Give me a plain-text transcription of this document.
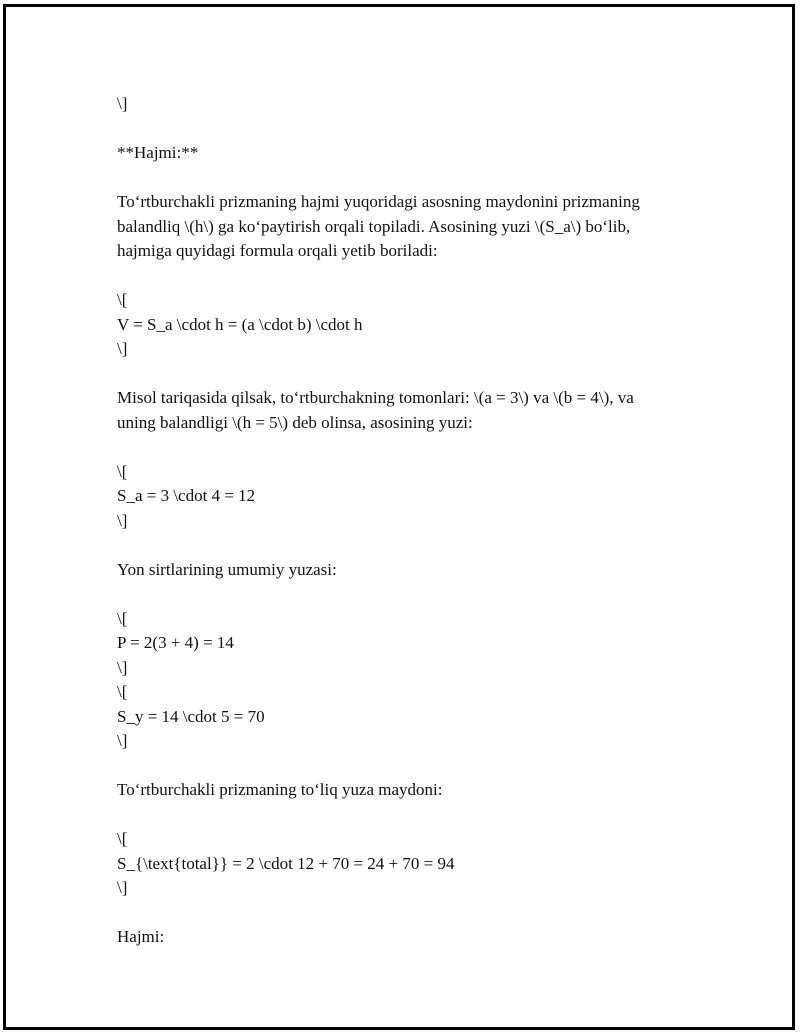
\]
**Hajmi:**
To‘rtburchakli prizmaning hajmi yuqoridagi asosning maydonini prizmaning
balandliq \(h\) ga ko‘paytirish orqali topiladi. Asosining yuzi \(S_a\) bo‘lib,
hajmiga quyidagi formula orqali yetib boriladi:
\[
V = S_a \cdot h = (a \cdot b) \cdot h
\]
Misol tariqasida qilsak, to‘rtburchakning tomonlari: \(a = 3\) va \(b = 4\), va
uning balandligi \(h = 5\) deb olinsa, asosining yuzi:
\[
S_a = 3 \cdot 4 = 12
\]
Yon sirtlarining umumiy yuzasi:
\[
P = 2(3 + 4) = 14
\]
\[
S_y = 14 \cdot 5 = 70
\]
To‘rtburchakli prizmaning to‘liq yuza maydoni:
\[
S_{\text{total}} = 2 \cdot 12 + 70 = 24 + 70 = 94
\]
Hajmi:
